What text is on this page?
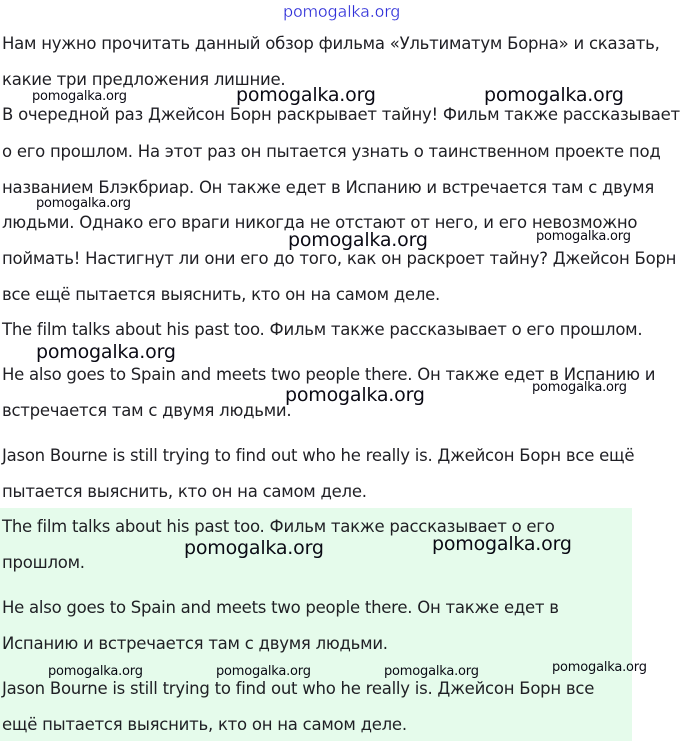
Нам нужно прочитать данный обзор фильма «Ультиматум Борна» и сказать,

какие три предложения лишние.

В очередной раз Джейсон Борн раскрывает тайну! Фильм также рассказывает

о его прошлом. На этот раз он пытается узнать о таинственном проекте под

названием Блэкбриар. Он также едет в Испанию и встречается там с двумя

людьми. Однако его враги никогда не отстают от него, и его невозможно

поймать! Настигнут ли они его до того, как он раскроет тайну? Джейсон Борн

все ещё пытается выяснить, кто он на самом деле.

The film talks about his past too. Фильм также рассказывает о его прошлом.

He also goes to Spain and meets two people there. Он также едет в Испанию и

встречается там с двумя людьми.

Jason Bourne is still trying to find out who he really is. Джейсон Борн все ещё

пытается выяснить, кто он на самом деле.

The film talks about his past too. Фильм также рассказывает о его

прошлом.

He also goes to Spain and meets two people there. Он также едет в

Испанию и встречается там с двумя людьми.

Jason Bourne is still trying to find out who he really is. Джейсон Борн все

ещё пытается выяснить, кто он на самом деле.

pomogalka.org
pomogalka.org	pomogalka.org	pomogalka.org
pomogalka.org
pomogalka.org	pomogalka.org
pomogalka.org
pomogalka.org
pomogalka.org
pomogalka.org	pomogalka.org
pomogalka.org	pomogalka.org	pomogalka.org	pomogalka.org
